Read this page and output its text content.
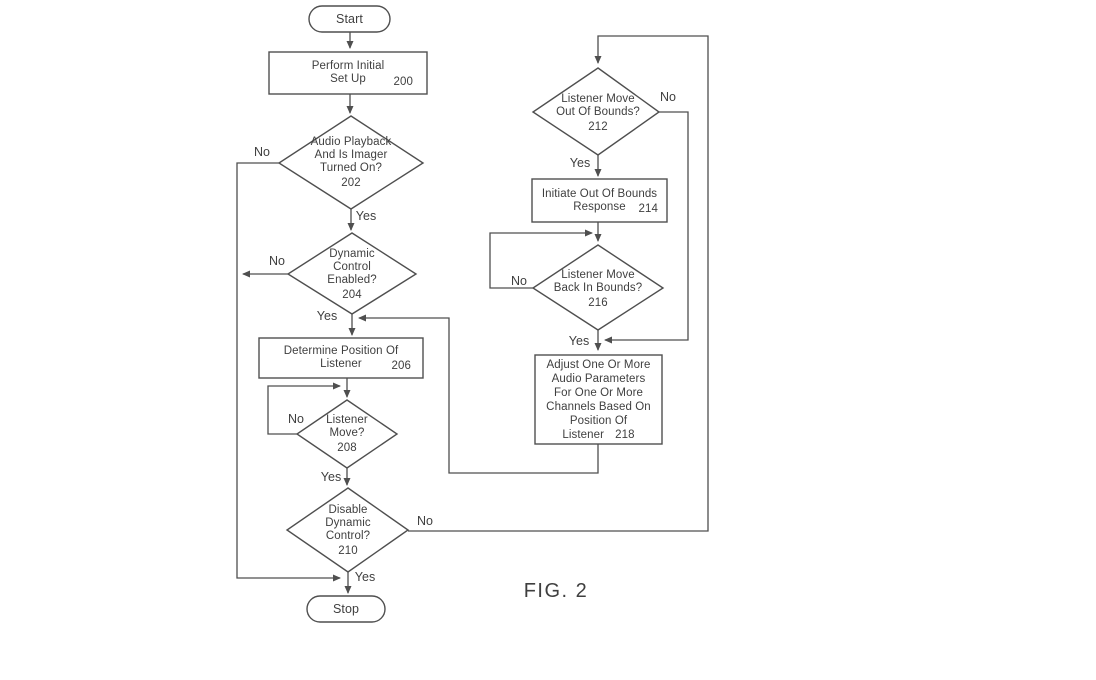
Start
Perform Initial
Set Up	200
Audio Playback
And Is Imager
Turned On?
202
Dynamic
Control
Enabled?
204
Determine Position Of
Listener	206
Listener
Move?
208
Disable
Dynamic
Control?
210
Stop
Listener Move
Out Of Bounds?
212
Initiate Out Of Bounds
Response	214
Listener Move
Back In Bounds?
216
Adjust One Or More
Audio Parameters
For One Or More
Channels Based On
Position Of
Listener 218
No
Yes
No
Yes
No
Yes
No
Yes
No
Yes
No
Yes
FIG. 2
